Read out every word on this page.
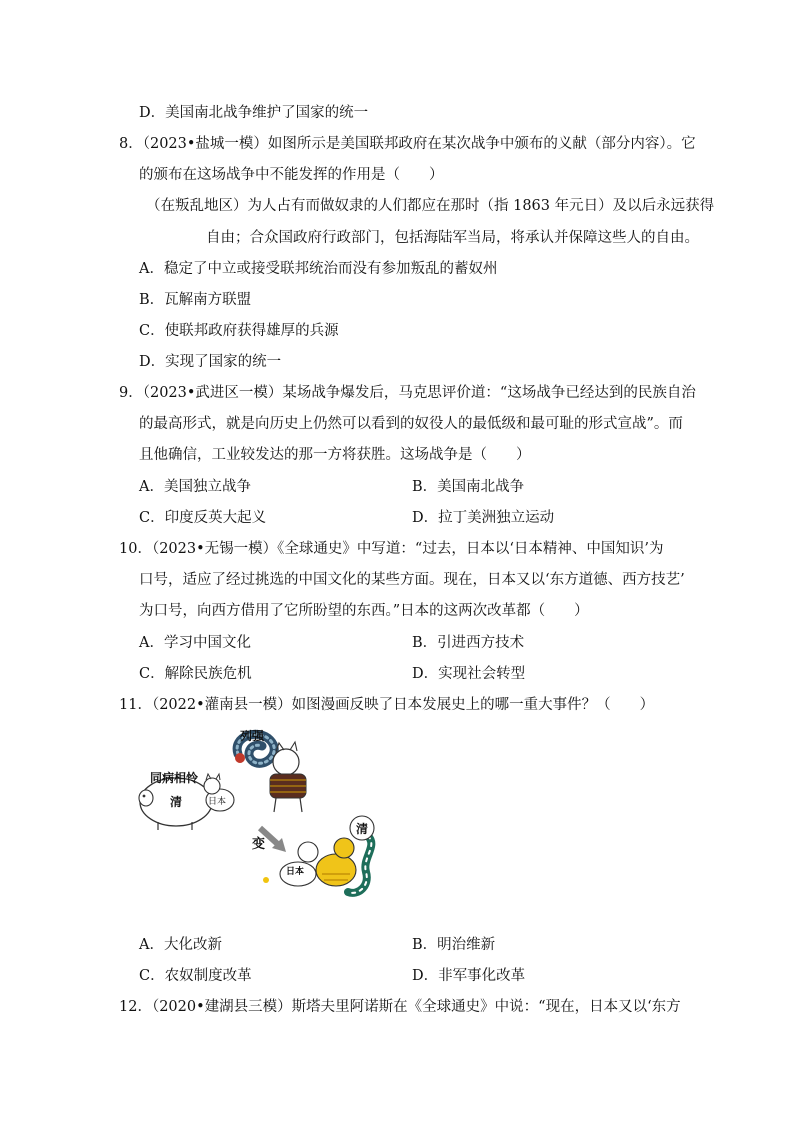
D．美国南北战争维护了国家的统一
8．（2023•盐城一模）如图所示是美国联邦政府在某次战争中颁布的义献（部分内容）。它
的颁布在这场战争中不能发挥的作用是（　　）
（在叛乱地区）为人占有而做奴隶的人们都应在那时（指 1863 年元日）及以后永远获得
自由；合众国政府行政部门，包括海陆军当局，将承认并保障这些人的自由。
A．稳定了中立或接受联邦统治而没有参加叛乱的蓄奴州
B．瓦解南方联盟
C．使联邦政府获得雄厚的兵源
D．实现了国家的统一
9．（2023•武进区一模）某场战争爆发后，马克思评价道：“这场战争已经达到的民族自治
的最高形式，就是向历史上仍然可以看到的奴役人的最低级和最可耻的形式宣战”。而
且他确信，工业较发达的那一方将获胜。这场战争是（　　）
A．美国独立战争	B．美国南北战争
C．印度反英大起义	D．拉丁美洲独立运动
10．（2023•无锡一模）《全球通史》中写道：“过去，日本以‘日本精神、中国知识’为
口号，适应了经过挑选的中国文化的某些方面。现在，日本又以‘东方道德、西方技艺’
为口号，向西方借用了它所盼望的东西。”日本的这两次改革都（　　）
A．学习中国文化	B．引进西方技术
C．解除民族危机	D．实现社会转型
11．（2022•灌南县一模）如图漫画反映了日本发展史上的哪一重大事件？（　　）
同病相怜
清	日本
列强
变
日本
清
A．大化改新	B．明治维新
C．农奴制度改革	D．非军事化改革
12．（2020•建湖县三模）斯塔夫里阿诺斯在《全球通史》中说：“现在，日本又以‘东方
